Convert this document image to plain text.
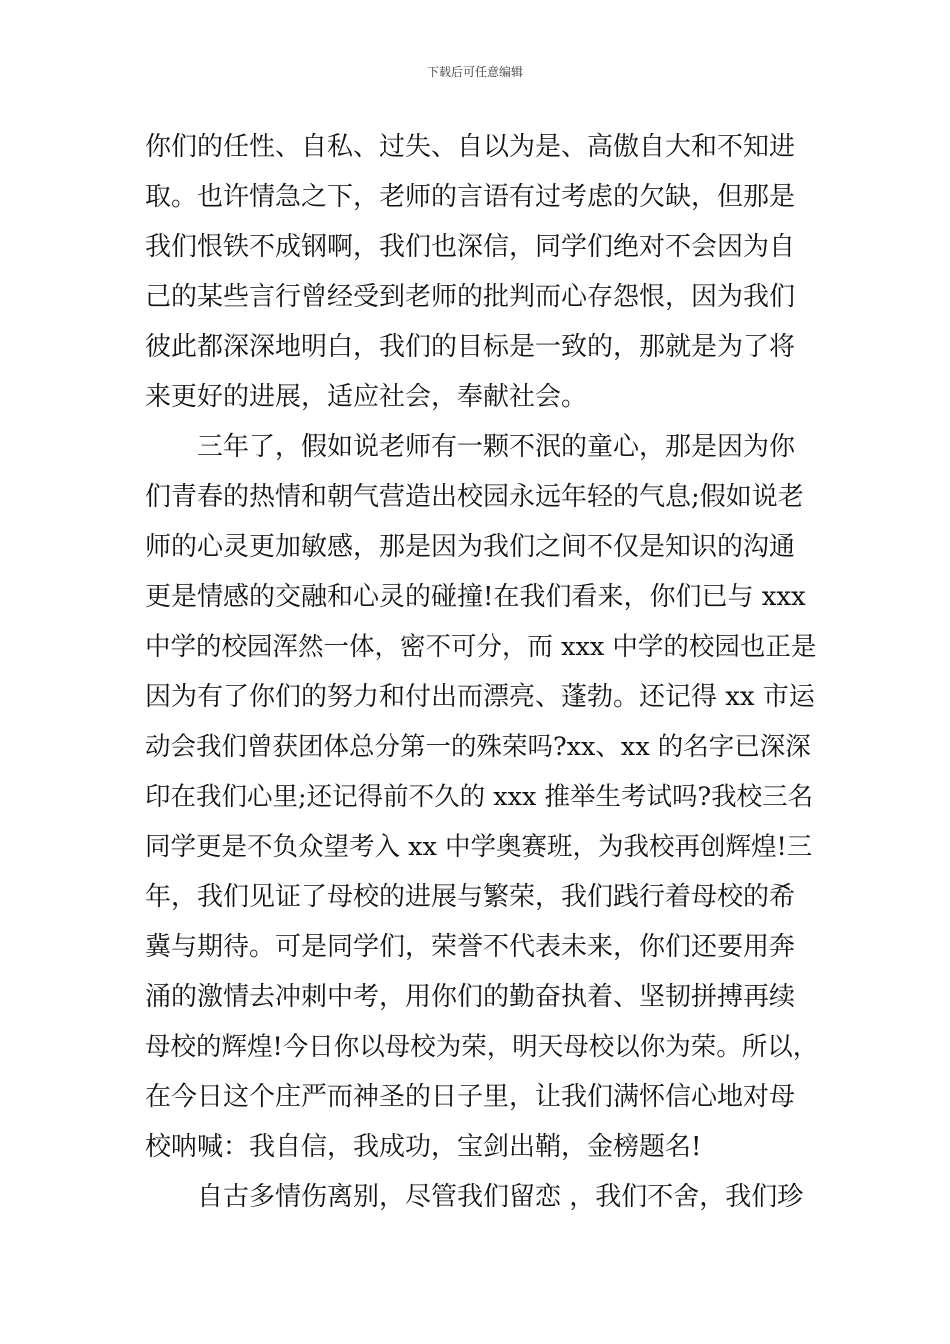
下载后可任意编辑
你们的任性、自私、过失、自以为是、高傲自大和不知进
取。也许情急之下，老师的言语有过考虑的欠缺，但那是
我们恨铁不成钢啊，我们也深信，同学们绝对不会因为自
己的某些言行曾经受到老师的批判而心存怨恨，因为我们
彼此都深深地明白，我们的目标是一致的，那就是为了将
来更好的进展，适应社会，奉献社会。
三年了，假如说老师有一颗不泯的童心，那是因为你
们青春的热情和朝气营造出校园永远年轻的气息;假如说老
师的心灵更加敏感，那是因为我们之间不仅是知识的沟通
更是情感的交融和心灵的碰撞!在我们看来，你们已与 xxx
中学的校园浑然一体，密不可分，而 xxx 中学的校园也正是
因为有了你们的努力和付出而漂亮、蓬勃。还记得 xx 市运
动会我们曾获团体总分第一的殊荣吗?xx、xx 的名字已深深
印在我们心里;还记得前不久的 xxx 推举生考试吗?我校三名
同学更是不负众望考入 xx 中学奥赛班，为我校再创辉煌!三
年，我们见证了母校的进展与繁荣，我们践行着母校的希
冀与期待。可是同学们，荣誉不代表未来，你们还要用奔
涌的激情去冲刺中考，用你们的勤奋执着、坚韧拼搏再续
母校的辉煌!今日你以母校为荣，明天母校以你为荣。所以，
在今日这个庄严而神圣的日子里，让我们满怀信心地对母
校呐喊：我自信，我成功，宝剑出鞘，金榜题名!
自古多情伤离别，尽管我们留恋 ，我们不舍，我们珍
